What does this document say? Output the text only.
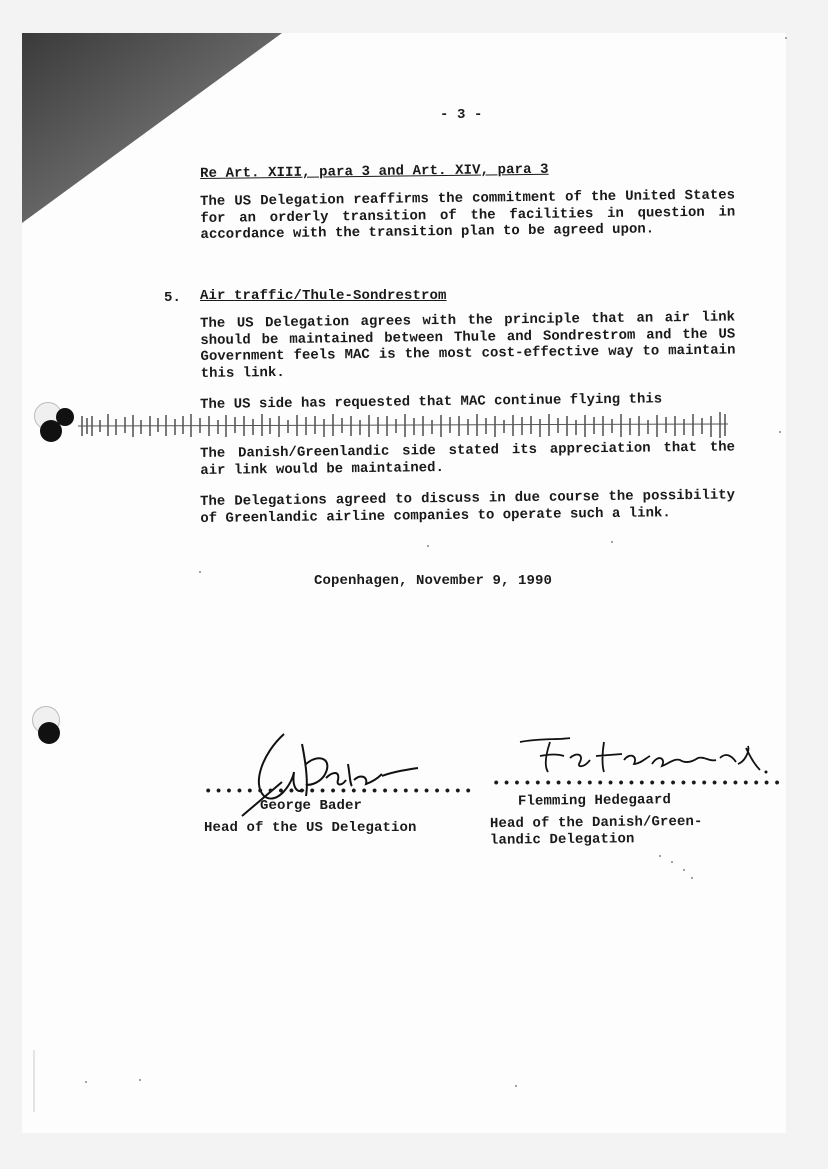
- 3 -
Re Art. XIII, para 3 and Art. XIV, para 3
The US Delegation reaffirms the commitment of the United States for an orderly transition of the facilities in question in accordance with the transition plan to be agreed upon.
5. Air traffic/Thule-Sondrestrom
The US Delegation agrees with the principle that an air link should be maintained between Thule and Sondrestrom and the US Government feels MAC is the most cost-effective way to maintain this link.
The US side has requested that MAC continue flying this
The Danish/Greenlandic side stated its appreciation that the air link would be maintained.
The Delegations agreed to discuss in due course the possibility of Greenlandic airline companies to operate such a link.
Copenhagen, November 9, 1990
••••••••••••••••••••••••••
George Bader
Head of the US Delegation
••••••••••••••••••••••••••••
Flemming Hedegaard
Head of the Danish/Green-
landic Delegation
